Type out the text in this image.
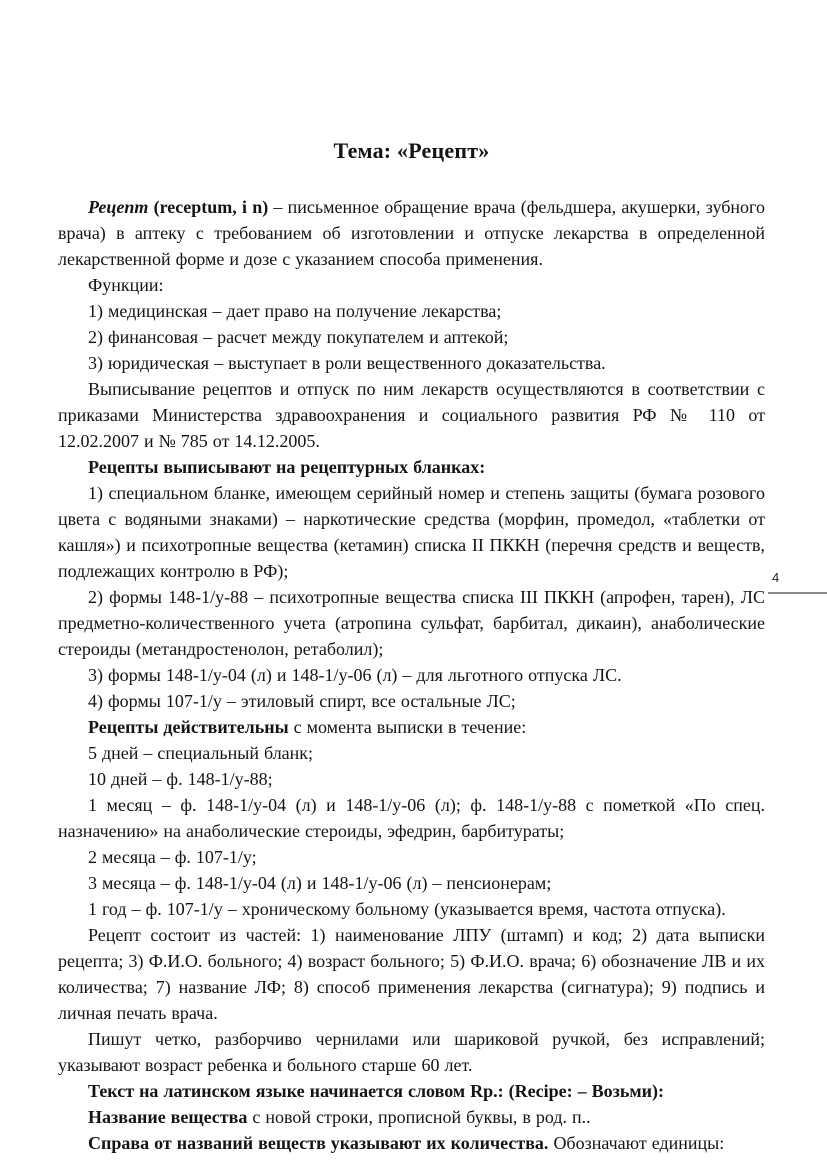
Тема: «Рецепт»

Рецепт (receptum, i n) – письменное обращение врача (фельдшера, акушерки, зубного врача) в аптеку с требованием об изготовлении и отпуске лекарства в определенной лекарственной форме и дозе с указанием способа применения.

Функции:

1) медицинская – дает право на получение лекарства;

2) финансовая – расчет между покупателем и аптекой;

3) юридическая – выступает в роли вещественного доказательства.

Выписывание рецептов и отпуск по ним лекарств осуществляются в соответствии с приказами Министерства здравоохранения и социального развития РФ № 110 от 12.02.2007 и № 785 от 14.12.2005.

Рецепты выписывают на рецептурных бланках:

1) специальном бланке, имеющем серийный номер и степень защиты (бумага розового цвета с водяными знаками) – наркотические средства (морфин, промедол, «таблетки от кашля») и психотропные вещества (кетамин) списка II ПККН (перечня средств и веществ, подлежащих контролю в РФ);

2) формы 148-1/у-88 – психотропные вещества списка III ПККН (апрофен, тарен), ЛС предметно-количественного учета (атропина сульфат, барбитал, дикаин), анаболические стероиды (метандростенолон, ретаболил);

3) формы 148-1/у-04 (л) и 148-1/у-06 (л) – для льготного отпуска ЛС.

4) формы 107-1/у – этиловый спирт, все остальные ЛС;

Рецепты действительны с момента выписки в течение:

5 дней – специальный бланк;

10 дней – ф. 148-1/у-88;

1 месяц – ф. 148-1/у-04 (л) и 148-1/у-06 (л); ф. 148-1/у-88 с пометкой «По спец. назначению» на анаболические стероиды, эфедрин, барбитураты;

2 месяца – ф. 107-1/у;

3 месяца – ф. 148-1/у-04 (л) и 148-1/у-06 (л) – пенсионерам;

1 год – ф. 107-1/у – хроническому больному (указывается время, частота отпуска).

Рецепт состоит из частей: 1) наименование ЛПУ (штамп) и код; 2) дата выписки рецепта; 3) Ф.И.О. больного; 4) возраст больного; 5) Ф.И.О. врача; 6) обозначение ЛВ и их количества; 7) название ЛФ; 8) способ применения лекарства (сигнатура); 9) подпись и личная печать врача.

Пишут четко, разборчиво чернилами или шариковой ручкой, без исправлений; указывают возраст ребенка и больного старше 60 лет.

Текст на латинском языке начинается словом Rp.: (Recipe: – Возьми):

Название вещества с новой строки, прописной буквы, в род. п..

Справа от названий веществ указывают их количества. Обозначают единицы:

4
